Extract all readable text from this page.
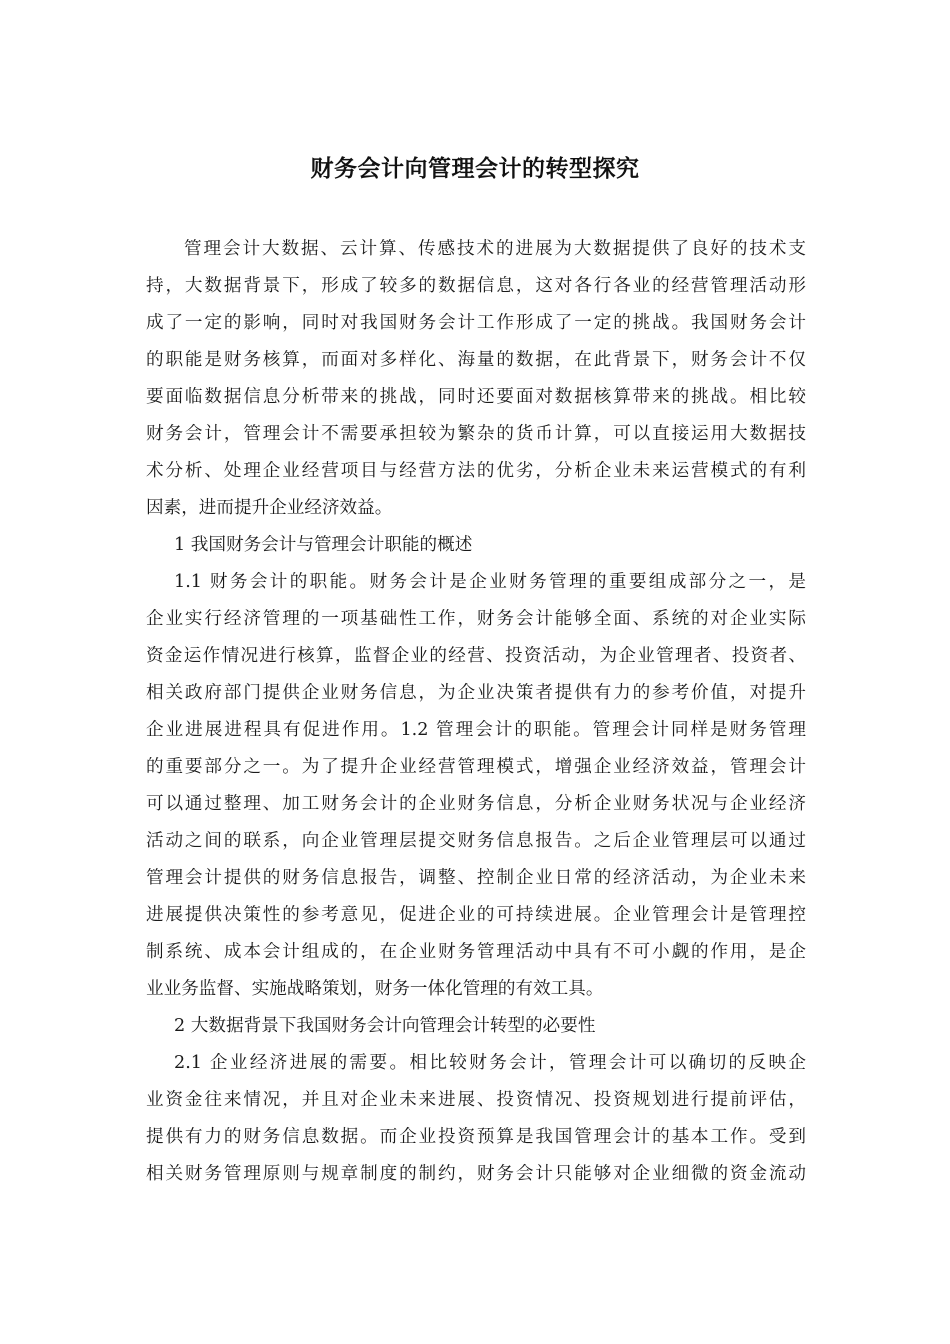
财务会计向管理会计的转型探究
管理会计大数据、云计算、传感技术的进展为大数据提供了良好的技术支
持，大数据背景下，形成了较多的数据信息，这对各行各业的经营管理活动形
成了一定的影响，同时对我国财务会计工作形成了一定的挑战。我国财务会计
的职能是财务核算，而面对多样化、海量的数据，在此背景下，财务会计不仅
要面临数据信息分析带来的挑战，同时还要面对数据核算带来的挑战。相比较
财务会计，管理会计不需要承担较为繁杂的货币计算，可以直接运用大数据技
术分析、处理企业经营项目与经营方法的优劣，分析企业未来运营模式的有利
因素，进而提升企业经济效益。
1 我国财务会计与管理会计职能的概述
1.1 财务会计的职能。财务会计是企业财务管理的重要组成部分之一，是
企业实行经济管理的一项基础性工作，财务会计能够全面、系统的对企业实际
资金运作情况进行核算，监督企业的经营、投资活动，为企业管理者、投资者、
相关政府部门提供企业财务信息，为企业决策者提供有力的参考价值，对提升
企业进展进程具有促进作用。1.2 管理会计的职能。管理会计同样是财务管理
的重要部分之一。为了提升企业经营管理模式，增强企业经济效益，管理会计
可以通过整理、加工财务会计的企业财务信息，分析企业财务状况与企业经济
活动之间的联系，向企业管理层提交财务信息报告。之后企业管理层可以通过
管理会计提供的财务信息报告，调整、控制企业日常的经济活动，为企业未来
进展提供决策性的参考意见，促进企业的可持续进展。企业管理会计是管理控
制系统、成本会计组成的，在企业财务管理活动中具有不可小觑的作用，是企
业业务监督、实施战略策划，财务一体化管理的有效工具。
2 大数据背景下我国财务会计向管理会计转型的必要性
2.1 企业经济进展的需要。相比较财务会计，管理会计可以确切的反映企
业资金往来情况，并且对企业未来进展、投资情况、投资规划进行提前评估，
提供有力的财务信息数据。而企业投资预算是我国管理会计的基本工作。受到
相关财务管理原则与规章制度的制约，财务会计只能够对企业细微的资金流动
